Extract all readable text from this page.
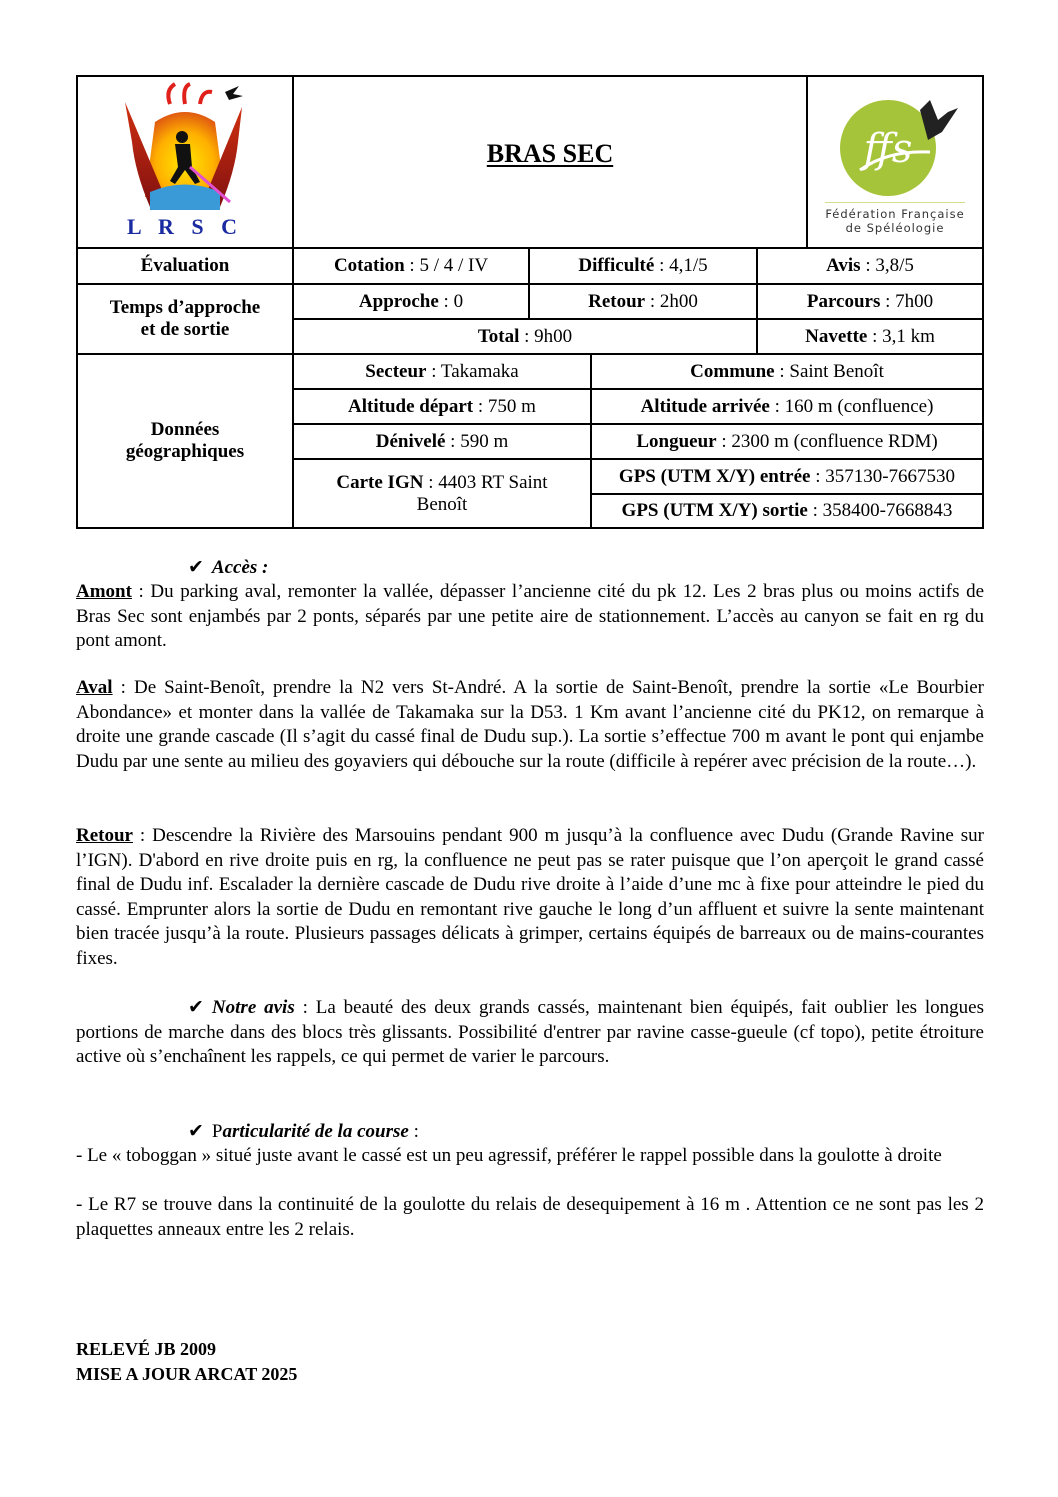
L R S C
BRAS SEC	ffs
Fédération Française
de Spéléologie
Évaluation	Cotation : 5 / 4 / IV	Difficulté : 4,1/5	Avis : 3,8/5
Temps d’approche
et de sortie
Approche : 0	Retour : 2h00	Parcours : 7h00
Total : 9h00	Navette : 3,1 km
Données
géographiques
Secteur : Takamaka	Commune : Saint Benoît
Altitude départ : 750 m	Altitude arrivée : 160 m (confluence)
Dénivelé : 590 m	Longueur : 2300 m (confluence RDM)
Carte IGN : 4403 RT Saint Benoît
GPS (UTM X/Y) entrée : 357130-7667530
GPS (UTM X/Y) sortie : 358400-7668843
✔ Accès :
Amont : Du parking aval, remonter la vallée, dépasser l’ancienne cité du pk 12. Les 2 bras plus ou moins actifs de Bras Sec sont enjambés par 2 ponts, séparés par une petite aire de stationnement. L’accès au canyon se fait en rg du pont amont.
Aval : De Saint-Benoît, prendre la N2 vers St-André. A la sortie de Saint-Benoît, prendre la sortie «Le Bourbier Abondance» et monter dans la vallée de Takamaka sur la D53. 1 Km avant l’ancienne cité du PK12, on remarque à droite une grande cascade (Il s’agit du cassé final de Dudu sup.). La sortie s’effectue 700 m avant le pont qui enjambe Dudu par une sente au milieu des goyaviers qui débouche sur la route (difficile à repérer avec précision de la route…).
Retour : Descendre la Rivière des Marsouins pendant 900 m jusqu’à la confluence avec Dudu (Grande Ravine sur l’IGN). D'abord en rive droite puis en rg, la confluence ne peut pas se rater puisque que l’on aperçoit le grand cassé final de Dudu inf. Escalader la dernière cascade de Dudu rive droite à l’aide d’une mc à fixe pour atteindre le pied du cassé. Emprunter alors la sortie de Dudu en remontant rive gauche le long d’un affluent et suivre la sente maintenant bien tracée jusqu’à la route. Plusieurs passages délicats à grimper, certains équipés de barreaux ou de mains-courantes fixes.
✔ Notre avis : La beauté des deux grands cassés, maintenant bien équipés, fait oublier les longues portions de marche dans des blocs très glissants. Possibilité d'entrer par ravine casse-gueule (cf topo), petite étroiture active où s’enchaînent les rappels, ce qui permet de varier le parcours.
✔ Particularité de la course :
- Le « toboggan » situé juste avant le cassé est un peu agressif, préférer le rappel possible dans la goulotte à droite
- Le R7 se trouve dans la continuité de la goulotte du relais de desequipement à 16 m . Attention ce ne sont pas les 2 plaquettes anneaux entre les 2 relais.
RELEVÉ JB 2009
MISE A JOUR ARCAT 2025
